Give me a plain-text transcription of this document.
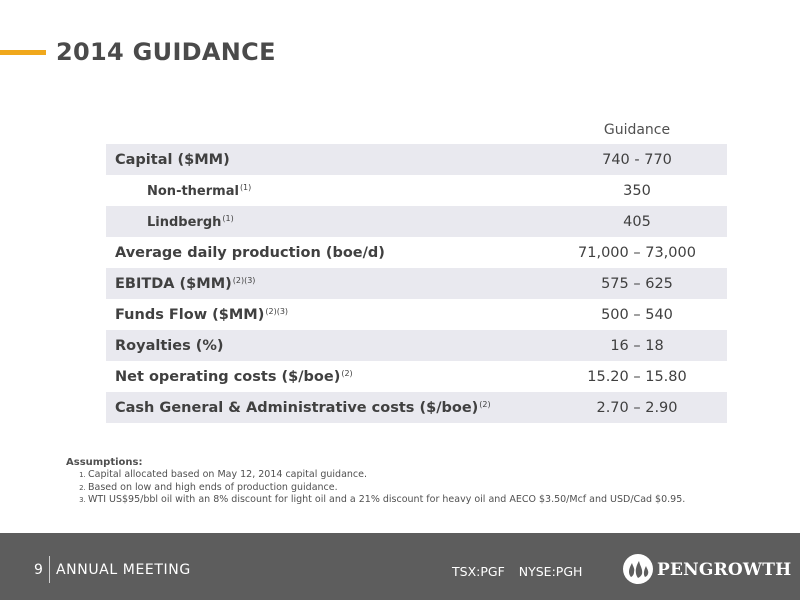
2014 GUIDANCE
Guidance
Capital ($MM)	740 - 770
Non-thermal$^{(1)}$	350
Lindbergh$^{(1)}$	405
Average daily production (boe/d)	71,000 – 73,000
EBITDA ($MM)$^{(2)(3)}$	575 – 625
Funds Flow ($MM)$^{(2)(3)}$	500 – 540
Royalties (%)	16 – 18
Net operating costs ($/boe)$^{(2)}$	15.20 – 15.80
Cash General & Administrative costs ($/boe)$^{(2)}$	2.70 – 2.90
Assumptions:
1. Capital allocated based on May 12, 2014 capital guidance.
2. Based on low and high ends of production guidance.
3. WTI US$95/bbl oil with an 8% discount for light oil and a 21% discount for heavy oil and AECO $3.50/Mcf and USD/Cad $0.95.
9 ANNUAL MEETING	TSX:PGF NYSE:PGH	PENGROWTH
